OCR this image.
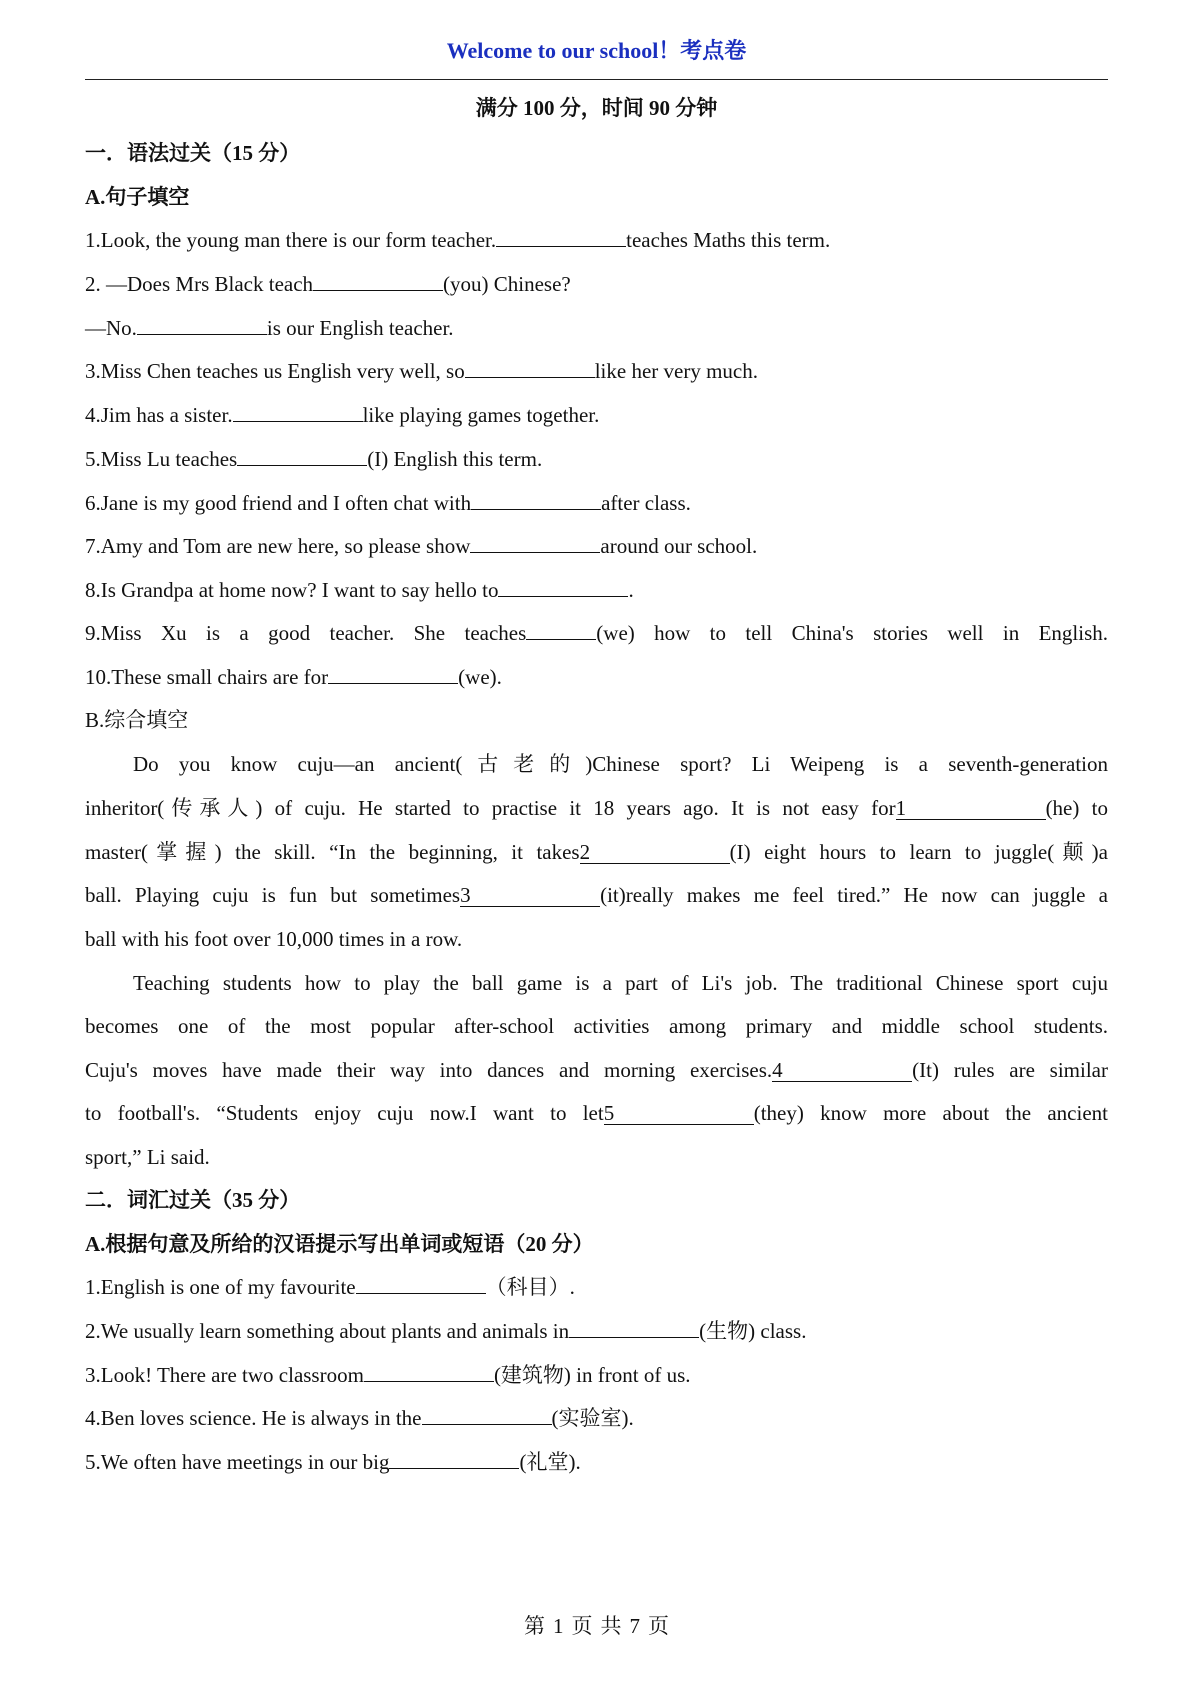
Welcome to our school！考点卷
满分 100 分，时间 90 分钟
一．语法过关（15 分）
A.句子填空
1.Look, the young man there is our form teacher.	teaches Maths this term.
2. —Does Mrs Black teach	(you) Chinese?
—No.	is our English teacher.
3.Miss Chen teaches us English very well, so	like her very much.
4.Jim has a sister.	like playing games together.
5.Miss Lu teaches	(I) English this term.
6.Jane is my good friend and I often chat with	after class.
7.Amy and Tom are new here, so please show	around our school.
8.Is Grandpa at home now? I want to say hello to	.
9.Miss Xu is a good teacher. She teaches	(we) how to tell China's stories well in English.
10.These small chairs are for	(we).
B.综合填空
Do you know cuju—an ancient(古老的)Chinese sport? Li Weipeng is a seventh-generation
inheritor(传承人) of cuju. He started to practise it 18 years ago. It is not easy for1	(he) to
master(掌握) the skill. “In the beginning, it takes2	(I) eight hours to learn to juggle(颠)a
ball. Playing cuju is fun but sometimes3	(it)really makes me feel tired.” He now can juggle a
ball with his foot over 10,000 times in a row.
Teaching students how to play the ball game is a part of Li's job. The traditional Chinese sport cuju
becomes one of the most popular after-school activities among primary and middle school students.
Cuju's moves have made their way into dances and morning exercises.4	(It) rules are similar
to football's. “Students enjoy cuju now.I want to let5	(they) know more about the ancient
sport,” Li said.
二．词汇过关（35 分）
A.根据句意及所给的汉语提示写出单词或短语（20 分）
1.English is one of my favourite	（科目）.
2.We usually learn something about plants and animals in	(生物) class.
3.Look! There are two classroom	(建筑物) in front of us.
4.Ben loves science. He is always in the	(实验室).
5.We often have meetings in our big	(礼堂).
第 1 页 共 7 页
